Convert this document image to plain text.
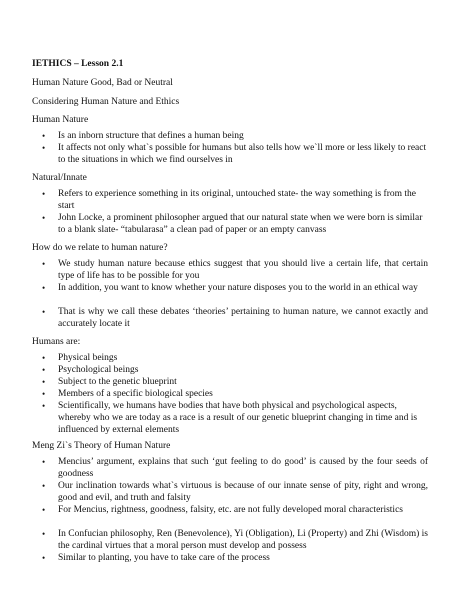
IETHICS – Lesson 2.1
Human Nature Good, Bad or Neutral
Considering Human Nature and Ethics
Human Nature
• Is an inborn structure that defines a human being
• It affects not only what`s possible for humans but also tells how we`ll more or less likely to react to the situations in which we find ourselves in
Natural/Innate
• Refers to experience something in its original, untouched state- the way something is from the start
• John Locke, a prominent philosopher argued that our natural state when we were born is similar to a blank slate- “tabularasa” a clean pad of paper or an empty canvass
How do we relate to human nature?
• We study human nature because ethics suggest that you should live a certain life, that certain type of life has to be possible for you
• In addition, you want to know whether your nature disposes you to the world in an ethical way
• That is why we call these debates ‘theories’ pertaining to human nature, we cannot exactly and accurately locate it
Humans are:
• Physical beings
• Psychological beings
• Subject to the genetic blueprint
• Members of a specific biological species
• Scientifically, we humans have bodies that have both physical and psychological aspects, whereby who we are today as a race is a result of our genetic blueprint changing in time and is influenced by external elements
Meng Zi`s Theory of Human Nature
• Mencius’ argument, explains that such ‘gut feeling to do good’ is caused by the four seeds of goodness
• Our inclination towards what`s virtuous is because of our innate sense of pity, right and wrong, good and evil, and truth and falsity
• For Mencius, rightness, goodness, falsity, etc. are not fully developed moral characteristics
• In Confucian philosophy, Ren (Benevolence), Yi (Obligation), Li (Property) and Zhi (Wisdom) is the cardinal virtues that a moral person must develop and possess
• Similar to planting, you have to take care of the process
